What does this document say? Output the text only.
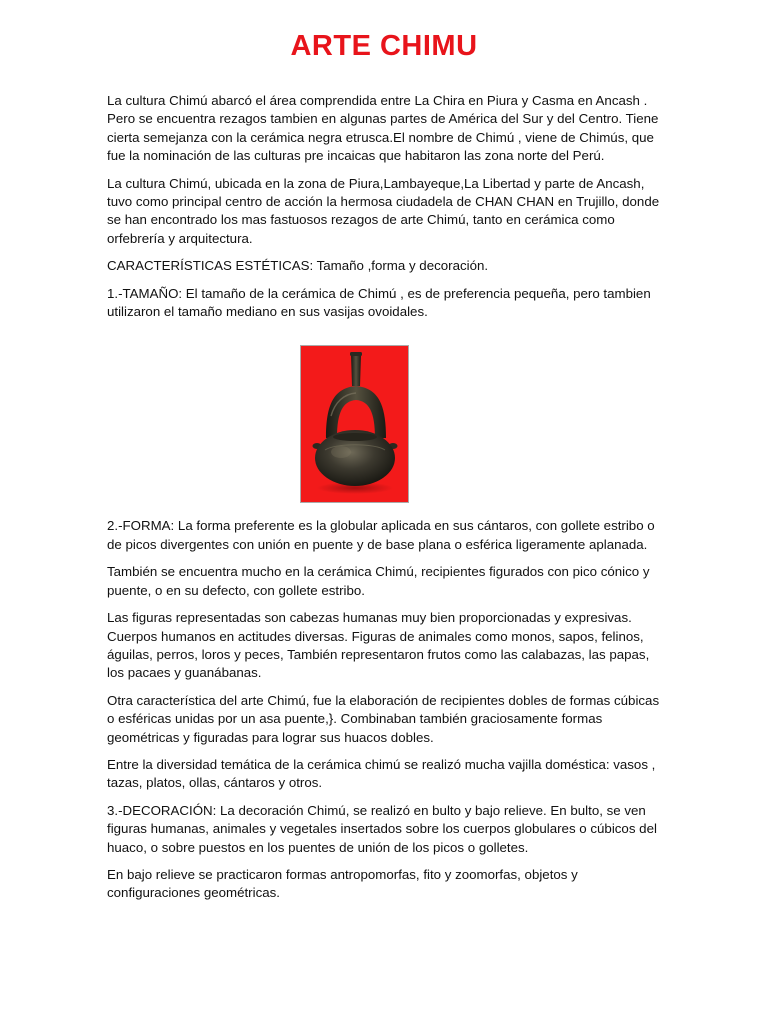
ARTE CHIMU

La cultura Chimú abarcó el área comprendida entre La Chira en Piura y Casma en Ancash . Pero se encuentra rezagos tambien en algunas partes de América del Sur y del Centro. Tiene cierta semejanza con la cerámica negra etrusca.El nombre de Chimú , viene de Chimús, que fue la nominación de las culturas pre incaicas que habitaron las zona norte del Perú.

La cultura Chimú, ubicada en la zona de Piura,Lambayeque,La Libertad y parte de Ancash, tuvo como principal centro de acción la hermosa ciudadela de CHAN CHAN en Trujillo, donde se han encontrado los mas fastuosos rezagos de arte Chimú, tanto en cerámica como orfebrería y arquitectura.

CARACTERÍSTICAS ESTÉTICAS: Tamaño ,forma y decoración.

1.-TAMAÑO: El tamaño de la cerámica de Chimú , es de preferencia pequeña, pero tambien utilizaron el tamaño mediano en sus vasijas ovoidales.

2.-FORMA: La forma preferente es la globular aplicada en sus cántaros, con gollete estribo o de picos divergentes con unión en puente y de base plana o esférica ligeramente aplanada.

También se encuentra mucho en la cerámica Chimú, recipientes figurados con pico cónico y puente, o en su defecto, con gollete estribo.

Las figuras representadas son cabezas humanas muy bien proporcionadas y expresivas. Cuerpos humanos en actitudes diversas. Figuras de animales como monos, sapos, felinos, águilas, perros, loros y peces, También representaron frutos como las calabazas, las papas, los pacaes y guanábanas.

Otra característica del arte Chimú, fue la elaboración de recipientes dobles de formas cúbicas o esféricas unidas por un asa puente,}. Combinaban también graciosamente formas geométricas y figuradas para lograr sus huacos dobles.

Entre la diversidad temática de la cerámica chimú se realizó mucha vajilla doméstica: vasos , tazas, platos, ollas, cántaros y otros.

3.-DECORACIÓN: La decoración Chimú, se realizó en bulto y bajo relieve. En bulto, se ven figuras humanas, animales y vegetales insertados sobre los cuerpos globulares o cúbicos del huaco, o sobre puestos en los puentes de unión de los picos o golletes.

En bajo relieve se practicaron formas antropomorfas, fito y zoomorfas, objetos y configuraciones geométricas.
